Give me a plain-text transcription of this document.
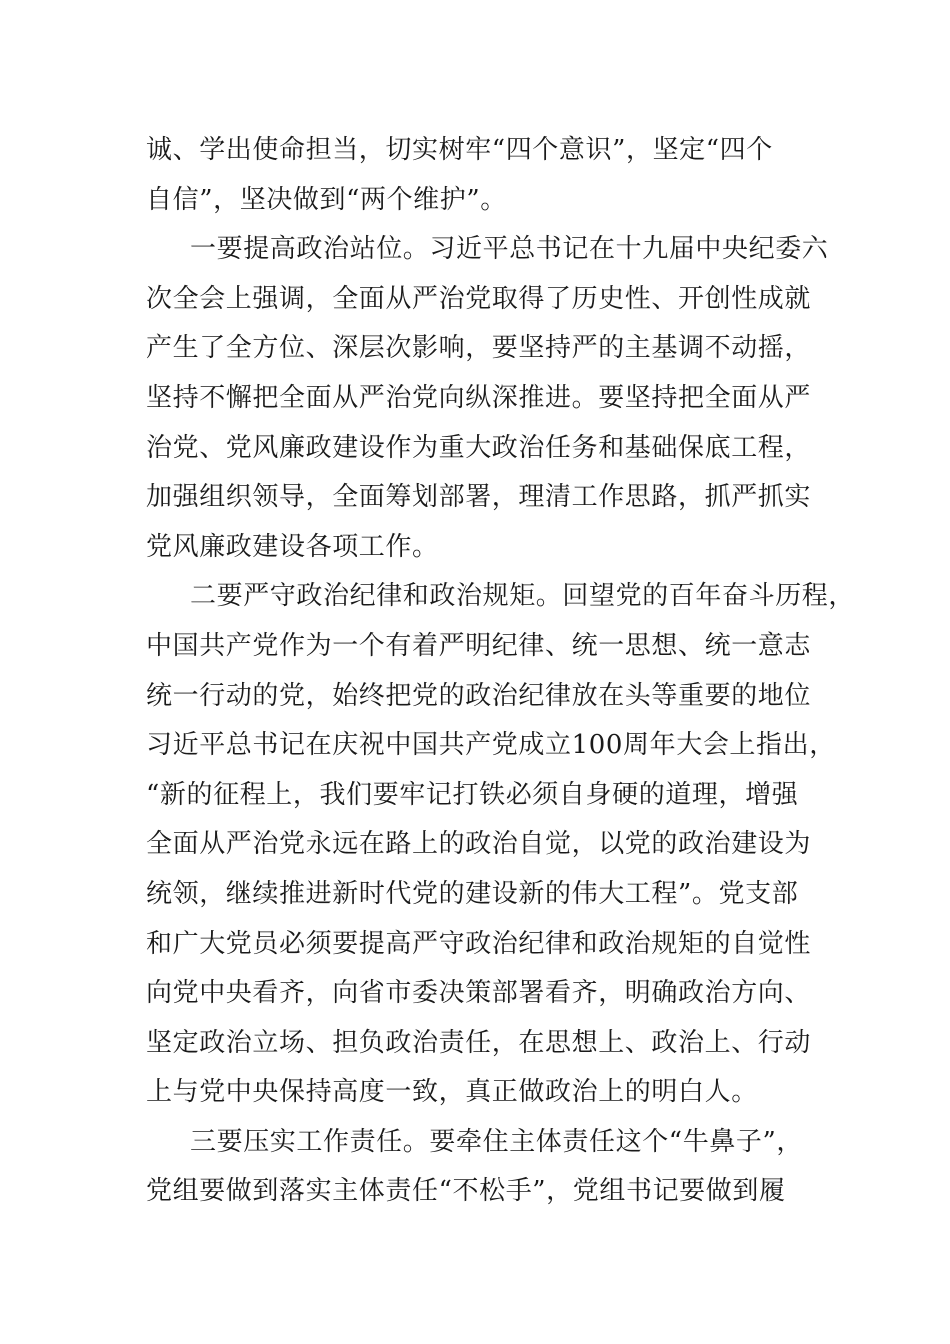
诚、学出使命担当，切实树牢“四个意识”，坚定“四个
自信”，坚决做到“两个维护”。
一要提高政治站位。习近平总书记在十九届中央纪委六
次全会上强调，全面从严治党取得了历史性、开创性成就
产生了全方位、深层次影响，要坚持严的主基调不动摇，
坚持不懈把全面从严治党向纵深推进。要坚持把全面从严
治党、党风廉政建设作为重大政治任务和基础保底工程，
加强组织领导，全面筹划部署，理清工作思路，抓严抓实
党风廉政建设各项工作。
二要严守政治纪律和政治规矩。回望党的百年奋斗历程，
中国共产党作为一个有着严明纪律、统一思想、统一意志
统一行动的党，始终把党的政治纪律放在头等重要的地位
习近平总书记在庆祝中国共产党成立100周年大会上指出，
“新的征程上，我们要牢记打铁必须自身硬的道理，增强
全面从严治党永远在路上的政治自觉，以党的政治建设为
统领，继续推进新时代党的建设新的伟大工程”。党支部
和广大党员必须要提高严守政治纪律和政治规矩的自觉性
向党中央看齐，向省市委决策部署看齐，明确政治方向、
坚定政治立场、担负政治责任，在思想上、政治上、行动
上与党中央保持高度一致，真正做政治上的明白人。
三要压实工作责任。要牵住主体责任这个“牛鼻子”，
党组要做到落实主体责任“不松手”，党组书记要做到履
